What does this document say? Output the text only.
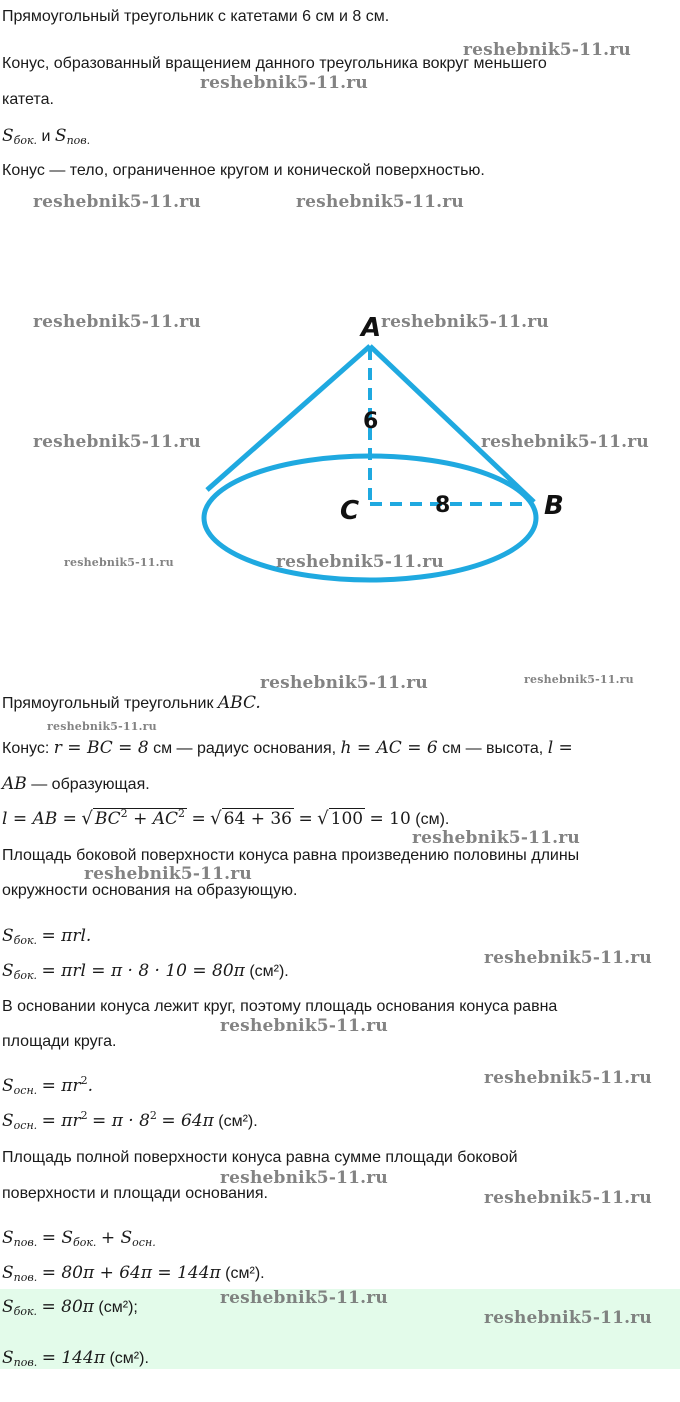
Прямоугольный треугольник с катетами 6 см и 8 см.
Конус, образованный вращением данного треугольника вокруг меньшего
катета.
$S_{бок.}$ и $S_{пов.}$
Конус — тело, ограниченное кругом и конической поверхностью.
A
C	B
6
8
Прямоугольный треугольник ABC.
Конус: r = BC = 8 см — радиус основания, h = AC = 6 см — высота, l =
AB — образующая.
l = AB = √ $BC^2 + AC^2$ = √ 64 + 36 = √ 100 = 10 (см).
Площадь боковой поверхности конуса равна произведению половины длины
окружности основания на образующую.
$S_{бок.} = \pi rl$.
$S_{бок.} = \pi rl = \pi \cdot 8 \cdot 10 = 80\pi$ (см²).
В основании конуса лежит круг, поэтому площадь основания конуса равна
площади круга.
$S_{осн.} = \pi r^2$.
$S_{осн.} = \pi r^2 = \pi \cdot 8^2 = 64\pi$ (см²).
Площадь полной поверхности конуса равна сумме площади боковой
поверхности и площади основания.
$S_{пов.} = S_{бок.} + S_{осн.}$
$S_{пов.} = 80\pi + 64\pi = 144\pi$ (см²).
$S_{бок.} = 80\pi$ (см²);
$S_{пов.} = 144\pi$ (см²).
reshebnik5-11.ru
reshebnik5-11.ru
reshebnik5-11.ru	reshebnik5-11.ru
reshebnik5-11.ru	reshebnik5-11.ru
reshebnik5-11.ru	reshebnik5-11.ru
reshebnik5-11.ru	reshebnik5-11.ru
reshebnik5-11.ru	reshebnik5-11.ru
reshebnik5-11.ru
reshebnik5-11.ru
reshebnik5-11.ru
reshebnik5-11.ru
reshebnik5-11.ru
reshebnik5-11.ru
reshebnik5-11.ru
reshebnik5-11.ru
reshebnik5-11.ru
reshebnik5-11.ru
